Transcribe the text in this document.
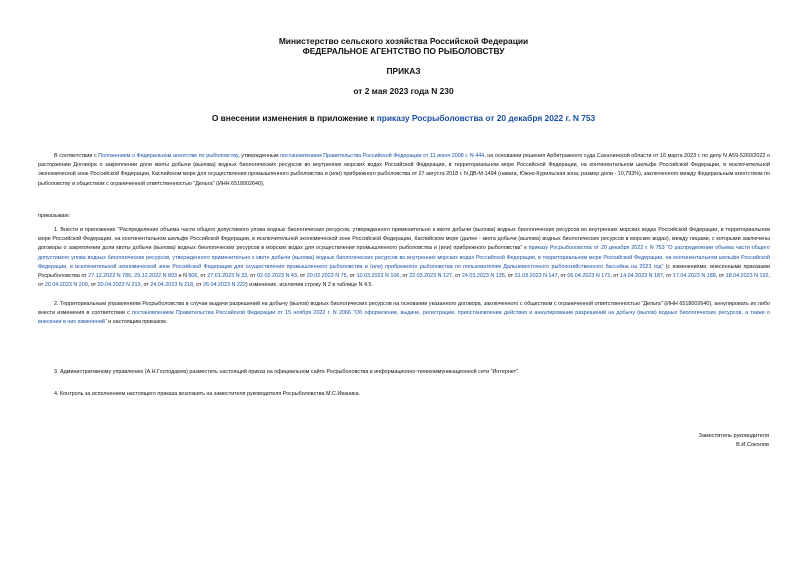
Министерство сельского хозяйства Российской Федерации
ФЕДЕРАЛЬНОЕ АГЕНТСТВО ПО РЫБОЛОВСТВУ
ПРИКАЗ
от 2 мая 2023 года N 230
О внесении изменения в приложение к приказу Росрыболовства от 20 декабря 2022 г. N 753
В соответствии с Положением о Федеральном агентстве по рыболовству, утвержденным постановлением Правительства Российской Федерации от 11 июня 2008 г. N 444, на основании решения Арбитражного суда Сахалинской области от 16 марта 2023 г. по делу N А59-5260/2022 о расторжении Договора о закреплении доли квоты добычи (вылова) водных биологических ресурсов во внутренних морских водах Российской Федерации, в территориальном море Российской Федерации, на континентальном шельфе Российской Федерации, в исключительной экономической зоне Российской Федерации, Каспийском море для осуществления промышленного рыболовства и (или) прибрежного рыболовства от 27 августа 2018 г. N ДВ-М-1494 (навага, Южно-Курильская зона, размер доли - 10,793%), заключенного между Федеральным агентством по рыболовству и обществом с ограниченной ответственностью "Дельта" (ИНН 6518002640),
приказываю:
1. Внести в приложение "Распределение объема части общего допустимого улова водных биологических ресурсов, утвержденного применительно к квоте добычи (вылова) водных биологических ресурсов во внутренних морских водах Российской Федерации, в территориальном море Российской Федерации, на континентальном шельфе Российской Федерации, в исключительной экономической зоне Российской Федерации, Каспийском море (далее - квота добычи (вылова) водных биологических ресурсов в морских водах), между лицами, с которыми заключены договоры о закреплении доли квоты добычи (вылова) водных биологических ресурсов в морских водах для осуществления промышленного рыболовства и (или) прибрежного рыболовства" к приказу Росрыболовства от 20 декабря 2022 г. N 753 "О распределении объема части общего допустимого улова водных биологических ресурсов, утвержденного применительно к квоте добычи (вылова) водных биологических ресурсов во внутренних морских водах Российской Федерации, в территориальном море Российской Федерации, на континентальном шельфе Российской Федерации, в исключительной экономической зоне Российской Федерации для осуществления промышленного рыболовства и (или) прибрежного рыболовства по пользователям Дальневосточного рыбохозяйственного бассейна на 2023 год" (с изменениями, внесенными приказами Росрыболовства от 27.12.2022 N 786, 29.12.2022 N 803 и N 806, от 27.01.2023 N 33, от 02.02.2023 N 43, от 20.02.2023 N 75, от 10.03.2023 N 106, от 22.03.2023 N 127, от 24.03.2023 N 135, от 31.03.2023 N 147, от 06.04.2023 N 172, от 14.04.2023 N 187, от 17.04.2023 N 188, от 18.04.2023 N 192, от 20.04.2023 N 209, от 20.04.2023 N 213, от 24.04.2023 N 218, от 26.04.2023 N 222) изменение, исключив строку N 2 в таблице N 4.5.
2. Территориальным управлениям Росрыболовства в случае выдачи разрешений на добычу (вылов) водных биологических ресурсов на основании указанного договора, заключенного с обществом с ограниченной ответственностью "Дельта" (ИНН 6518002640), аннулировать их либо внести изменения в соответствии с постановлением Правительства Российской Федерации от 15 ноября 2022 г. N 2066 "Об оформлении, выдаче, регистрации, приостановлении действия и аннулировании разрешений на добычу (вылов) водных биологических ресурсов, а также о внесении в них изменений" и настоящим приказом.
3. Административному управлению (А.Н.Господарев) разместить настоящий приказ на официальном сайте Росрыболовства в информационно-телекоммуникационной сети "Интернет".
4. Контроль за исполнением настоящего приказа возложить на заместителя руководителя Росрыболовства М.С.Иваника.
Заместитель руководителя
В.И.Соколов
